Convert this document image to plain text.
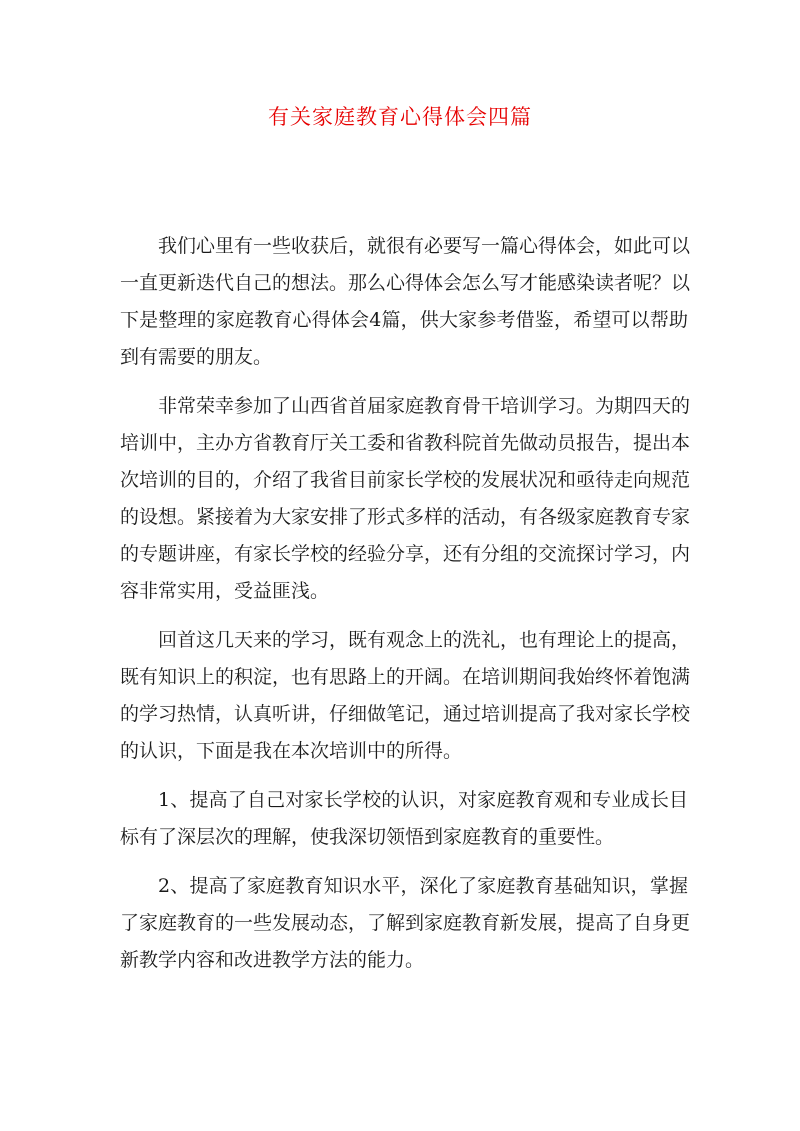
有关家庭教育心得体会四篇
我们心里有一些收获后，就很有必要写一篇心得体会，如此可以
一直更新迭代自己的想法。那么心得体会怎么写才能感染读者呢？以
下是整理的家庭教育心得体会4篇，供大家参考借鉴，希望可以帮助
到有需要的朋友。
非常荣幸参加了山西省首届家庭教育骨干培训学习。为期四天的
培训中，主办方省教育厅关工委和省教科院首先做动员报告，提出本
次培训的目的，介绍了我省目前家长学校的发展状况和亟待走向规范
的设想。紧接着为大家安排了形式多样的活动，有各级家庭教育专家
的专题讲座，有家长学校的经验分享，还有分组的交流探讨学习，内
容非常实用，受益匪浅。
回首这几天来的学习，既有观念上的洗礼，也有理论上的提高，
既有知识上的积淀，也有思路上的开阔。在培训期间我始终怀着饱满
的学习热情，认真听讲，仔细做笔记，通过培训提高了我对家长学校
的认识，下面是我在本次培训中的所得。
1、提高了自己对家长学校的认识，对家庭教育观和专业成长目
标有了深层次的理解，使我深切领悟到家庭教育的重要性。
2、提高了家庭教育知识水平，深化了家庭教育基础知识，掌握
了家庭教育的一些发展动态，了解到家庭教育新发展，提高了自身更
新教学内容和改进教学方法的能力。
